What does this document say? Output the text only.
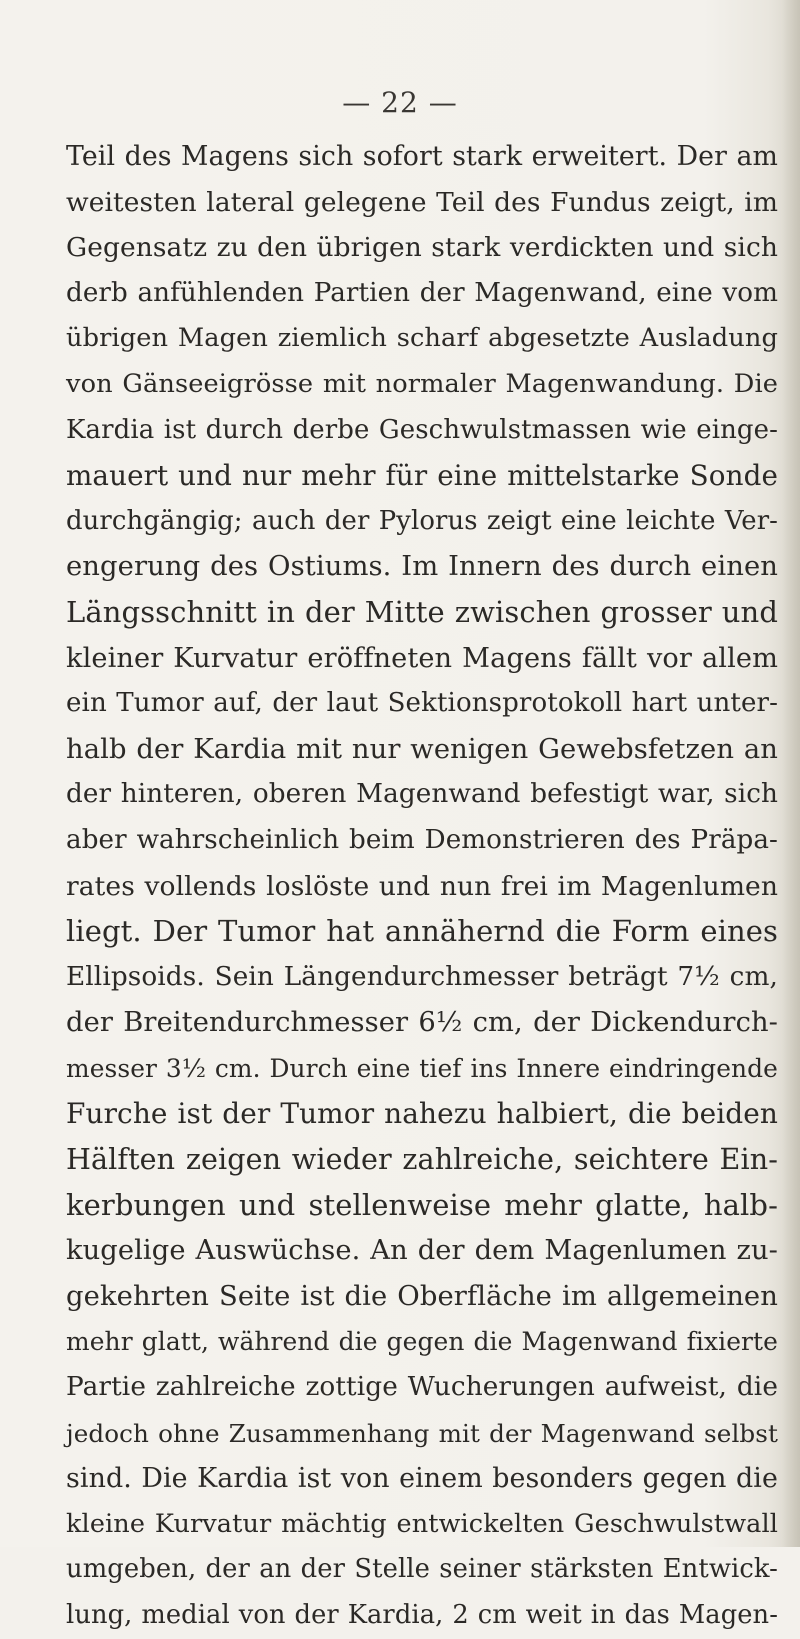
— 22 —
Teil des Magens sich sofort stark erweitert. Der am
weitesten lateral gelegene Teil des Fundus zeigt, im
Gegensatz zu den übrigen stark verdickten und sich
derb anfühlenden Partien der Magenwand, eine vom
übrigen Magen ziemlich scharf abgesetzte Ausladung
von Gänseeigrösse mit normaler Magenwandung. Die
Kardia ist durch derbe Geschwulstmassen wie einge-
mauert und nur mehr für eine mittelstarke Sonde
durchgängig; auch der Pylorus zeigt eine leichte Ver-
engerung des Ostiums. Im Innern des durch einen
Längsschnitt in der Mitte zwischen grosser und
kleiner Kurvatur eröffneten Magens fällt vor allem
ein Tumor auf, der laut Sektionsprotokoll hart unter-
halb der Kardia mit nur wenigen Gewebsfetzen an
der hinteren, oberen Magenwand befestigt war, sich
aber wahrscheinlich beim Demonstrieren des Präpa-
rates vollends loslöste und nun frei im Magenlumen
liegt. Der Tumor hat annähernd die Form eines
Ellipsoids. Sein Längendurchmesser beträgt 7½ cm,
der Breitendurchmesser 6½ cm, der Dickendurch-
messer 3½ cm. Durch eine tief ins Innere eindringende
Furche ist der Tumor nahezu halbiert, die beiden
Hälften zeigen wieder zahlreiche, seichtere Ein-
kerbungen und stellenweise mehr glatte, halb-
kugelige Auswüchse. An der dem Magenlumen zu-
gekehrten Seite ist die Oberfläche im allgemeinen
mehr glatt, während die gegen die Magenwand fixierte
Partie zahlreiche zottige Wucherungen aufweist, die
jedoch ohne Zusammenhang mit der Magenwand selbst
sind. Die Kardia ist von einem besonders gegen die
kleine Kurvatur mächtig entwickelten Geschwulstwall
umgeben, der an der Stelle seiner stärksten Entwick-
lung, medial von der Kardia, 2 cm weit in das Magen-
